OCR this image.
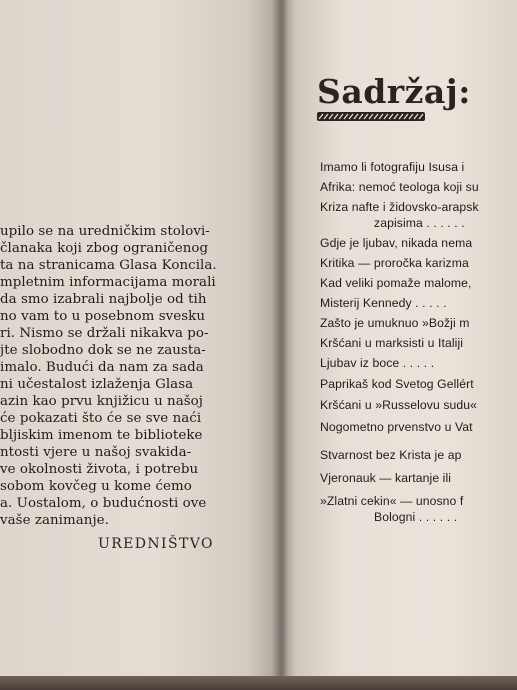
upilo se na uredničkim stolovi-
članaka koji zbog ograničenog
ta na stranicama Glasa Koncila.
mpletnim informacijama morali
da smo izabrali najbolje od tih
no vam to u posebnom svesku
ri. Nismo se držali nikakva po-
jte slobodno dok se ne zausta-
imalo. Budući da nam za sada
ni učestalost izlaženja Glasa
azin kao prvu knjižicu u našoj
će pokazati što će se sve naći
bljiskim imenom te biblioteke
ntosti vjere u našoj svakida-
ve okolnosti života, i potrebu
sobom kovčeg u kome ćemo
a. Uostalom, o budućnosti ove
vaše zanimanje.
UREDNIŠTVO
Sadržaj:
Imamo li fotografiju Isusa i
Afrika: nemoć teologa koji su
Kriza nafte i židovsko-arapsk
zapisima . . . . . .
Gdje je ljubav, nikada nema
Kritika — proročka karizma
Kad veliki pomaže malome,
Misterij Kennedy . . . . .
Zašto je umuknuo »Božji m
Kršćani u marksisti u Italiji
Ljubav iz boce . . . . .
Paprikaš kod Svetog Gellért
Kršćani u »Russelovu sudu«
Nogometno prvenstvo u Vat
Stvarnost bez Krista je ap
Vjeronauk — kartanje ili
»Zlatni cekin« — unosno f
Bologni . . . . . .
